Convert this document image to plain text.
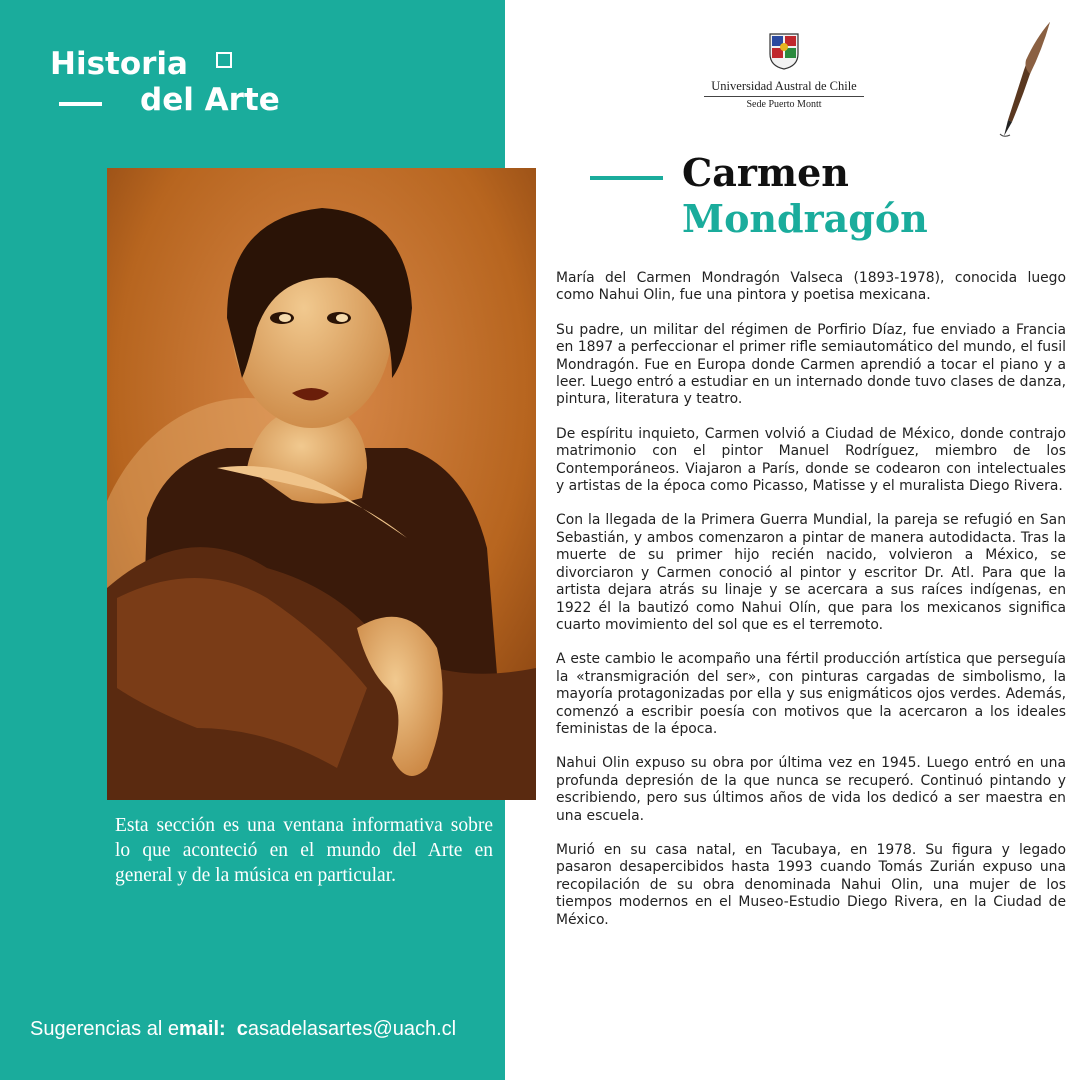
Historia
del Arte

Esta sección es una ventana informativa sobre lo que aconteció en el mundo del Arte en general y de la música en particular.

Sugerencias al email: casadelasartes@uach.cl

Universidad Austral de Chile

Sede Puerto Montt

Carmen
Mondragón

María del Carmen Mondragón Valseca (1893-1978), conocida luego como Nahui Olin, fue una pintora y poetisa mexicana.

Su padre, un militar del régimen de Porfirio Díaz, fue enviado a Francia en 1897 a perfeccionar el primer rifle semiautomático del mundo, el fusil Mondragón. Fue en Europa donde Carmen aprendió a tocar el piano y a leer. Luego entró a estudiar en un internado donde tuvo clases de danza, pintura, literatura y teatro.

De espíritu inquieto, Carmen volvió a Ciudad de México, donde contrajo matrimonio con el pintor Manuel Rodríguez, miembro de los Contemporáneos. Viajaron a París, donde se codearon con intelectuales y artistas de la época como Picasso, Matisse y el muralista Diego Rivera.

Con la llegada de la Primera Guerra Mundial, la pareja se refugió en San Sebastián, y ambos comenzaron a pintar de manera autodidacta. Tras la muerte de su primer hijo recién nacido, volvieron a México, se divorciaron y Carmen conoció al pintor y escritor Dr. Atl. Para que la artista dejara atrás su linaje y se acercara a sus raíces indígenas, en 1922 él la bautizó como Nahui Olín, que para los mexicanos significa cuarto movimiento del sol que es el terremoto.

A este cambio le acompaño una fértil producción artística que perseguía la «transmigración del ser», con pinturas cargadas de simbolismo, la mayoría protagonizadas por ella y sus enigmáticos ojos verdes. Además, comenzó a escribir poesía con motivos que la acercaron a los ideales feministas de la época.

Nahui Olin expuso su obra por última vez en 1945. Luego entró en una profunda depresión de la que nunca se recuperó. Continuó pintando y escribiendo, pero sus últimos años de vida los dedicó a ser maestra en una escuela.

Murió en su casa natal, en Tacubaya, en 1978. Su figura y legado pasaron desapercibidos hasta 1993 cuando Tomás Zurián expuso una recopilación de su obra denominada Nahui Olin, una mujer de los tiempos modernos en el Museo-Estudio Diego Rivera, en la Ciudad de México.
